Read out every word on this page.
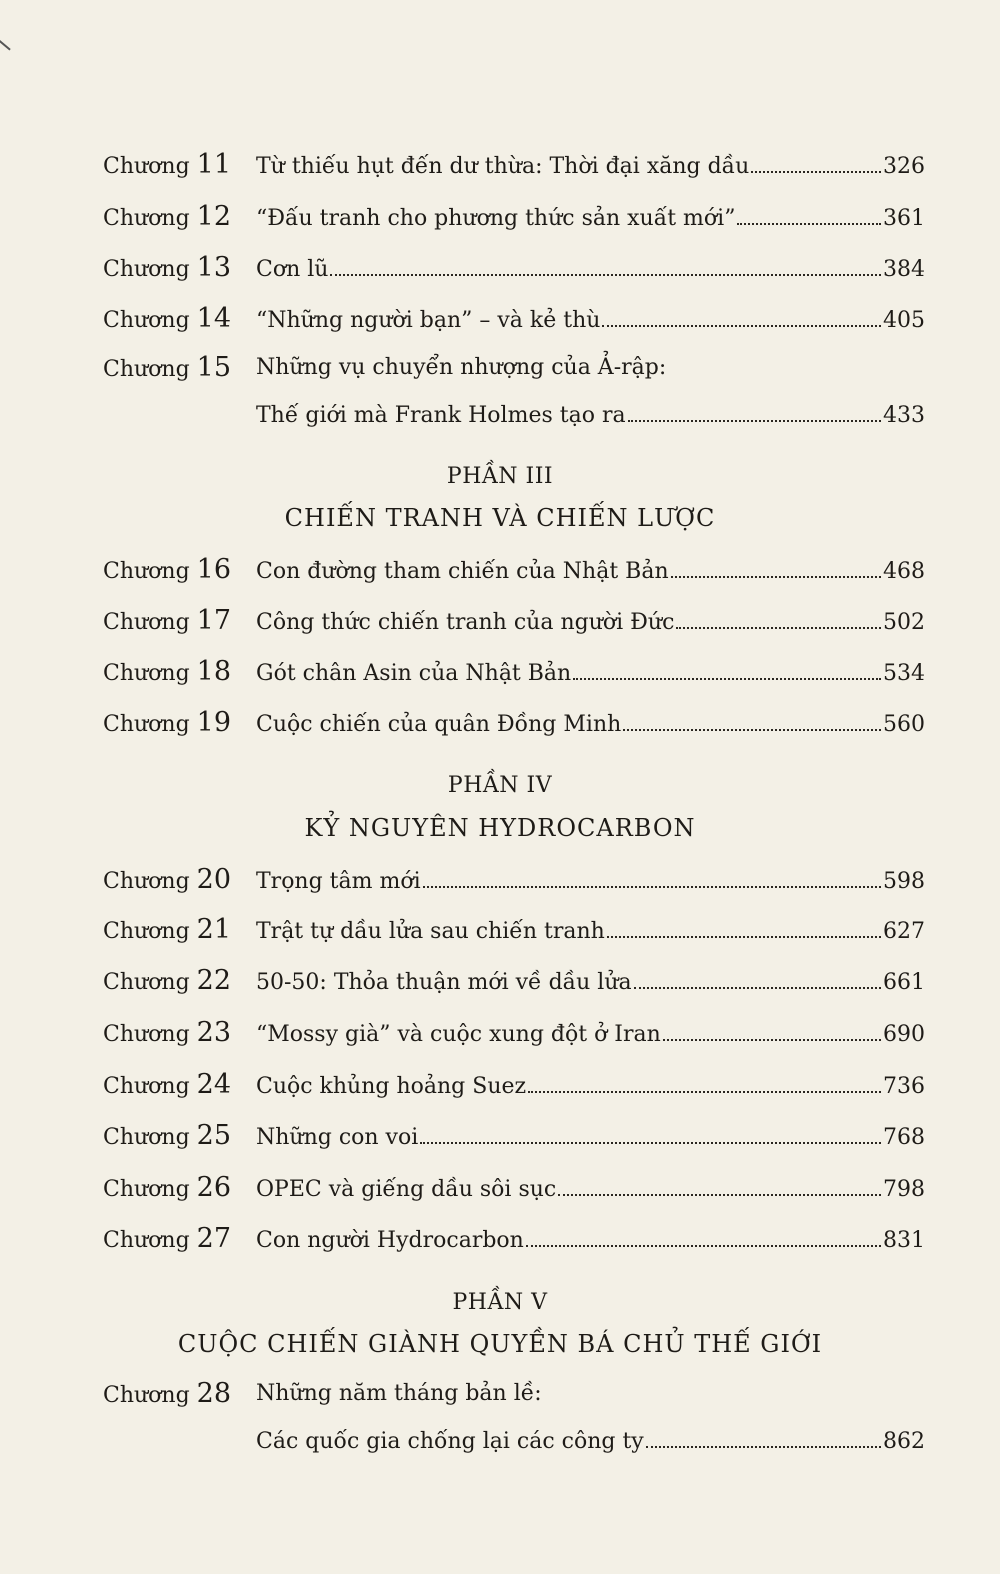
Chương 11 Từ thiếu hụt đến dư thừa: Thời đại xăng dầu	326
Chương 12 “Đấu tranh cho phương thức sản xuất mới”	361
Chương 13 Cơn lũ	384
Chương 14 “Những người bạn” – và kẻ thù	405
Chương 15 Những vụ chuyển nhượng của Ả-rập:
Thế giới mà Frank Holmes tạo ra	433
PHẦN III
CHIẾN TRANH VÀ CHIẾN LƯỢC
Chương 16 Con đường tham chiến của Nhật Bản	468
Chương 17 Công thức chiến tranh của người Đức	502
Chương 18 Gót chân Asin của Nhật Bản	534
Chương 19 Cuộc chiến của quân Đồng Minh	560
PHẦN IV
KỶ NGUYÊN HYDROCARBON
Chương 20 Trọng tâm mới	598
Chương 21 Trật tự dầu lửa sau chiến tranh	627
Chương 22 50-50: Thỏa thuận mới về dầu lửa	661
Chương 23 “Mossy già” và cuộc xung đột ở Iran	690
Chương 24 Cuộc khủng hoảng Suez	736
Chương 25 Những con voi	768
Chương 26 OPEC và giếng dầu sôi sục	798
Chương 27 Con người Hydrocarbon	831
PHẦN V
CUỘC CHIẾN GIÀNH QUYỀN BÁ CHỦ THẾ GIỚI
Chương 28 Những năm tháng bản lề:
Các quốc gia chống lại các công ty	862
